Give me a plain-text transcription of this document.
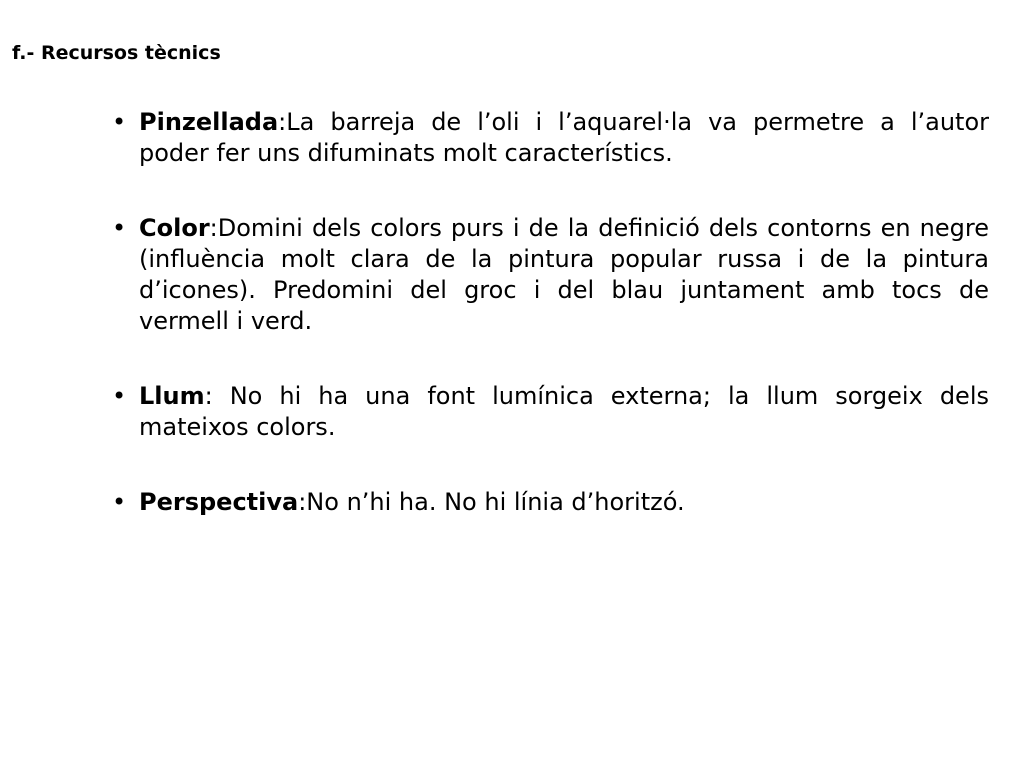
f.- Recursos tècnics
• Pinzellada:La barreja de l’oli i l’aquarel·la va permetre a l’autor poder fer uns difuminats molt característics.
• Color:Domini dels colors purs i de la definició dels contorns en negre (influència molt clara de la pintura popular russa i de la pintura d’icones). Predomini del groc i del blau juntament amb tocs de vermell i verd.
• Llum: No hi ha una font lumínica externa; la llum sorgeix dels mateixos colors.
• Perspectiva:No n’hi ha. No hi línia d’horitzó.
